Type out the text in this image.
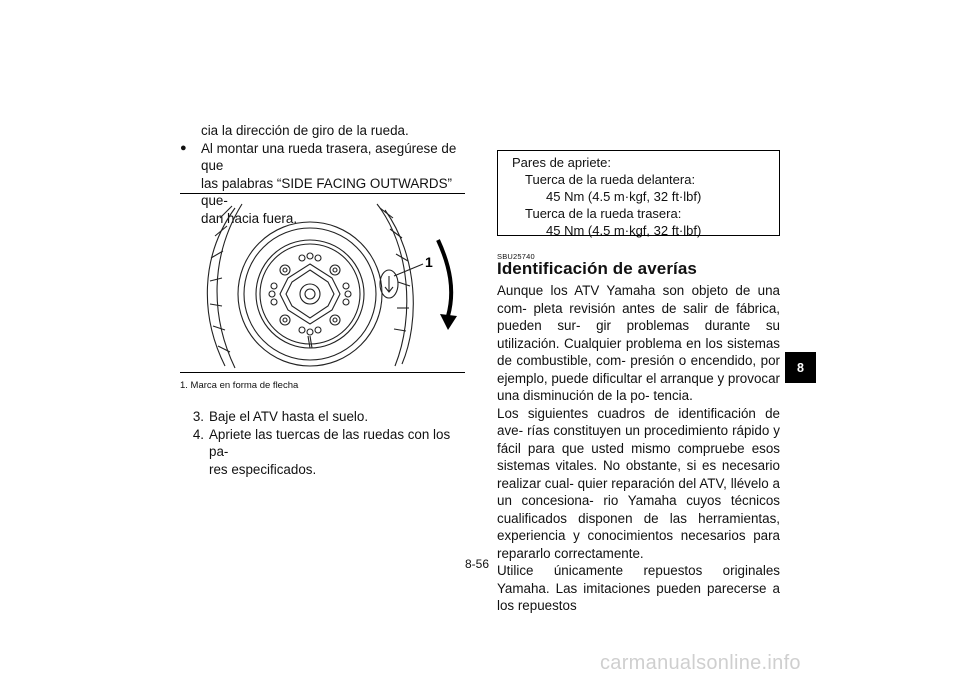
cia la dirección de giro de la rueda.

●	Al montar una rueda trasera, asegúrese de que

las palabras “SIDE FACING OUTWARDS” que-

dan hacia fuera.

1
1. Marca en forma de flecha
3. Baje el ATV hasta el suelo.
4. Apriete las tuercas de las ruedas con los pa-
res especificados.
Pares de apriete:
Tuerca de la rueda delantera:
45 Nm (4.5 m·kgf, 32 ft·lbf)
Tuerca de la rueda trasera:
45 Nm (4.5 m·kgf, 32 ft·lbf)
SBU25740
Identificación de averías

Aunque los ATV Yamaha son objeto de una com- pleta revisión antes de salir de fábrica, pueden sur- gir problemas durante su utilización. Cualquier problema en los sistemas de combustible, com- presión o encendido, por ejemplo, puede dificultar el arranque y provocar una disminución de la po- tencia.

Los siguientes cuadros de identificación de ave- rías constituyen un procedimiento rápido y fácil para que usted mismo compruebe esos sistemas vitales. No obstante, si es necesario realizar cual- quier reparación del ATV, llévelo a un concesiona- rio Yamaha cuyos técnicos cualificados disponen de las herramientas, experiencia y conocimientos necesarios para repararlo correctamente.

Utilice únicamente repuestos originales Yamaha. Las imitaciones pueden parecerse a los repuestos

8-56
8
carmanualsonline.info
